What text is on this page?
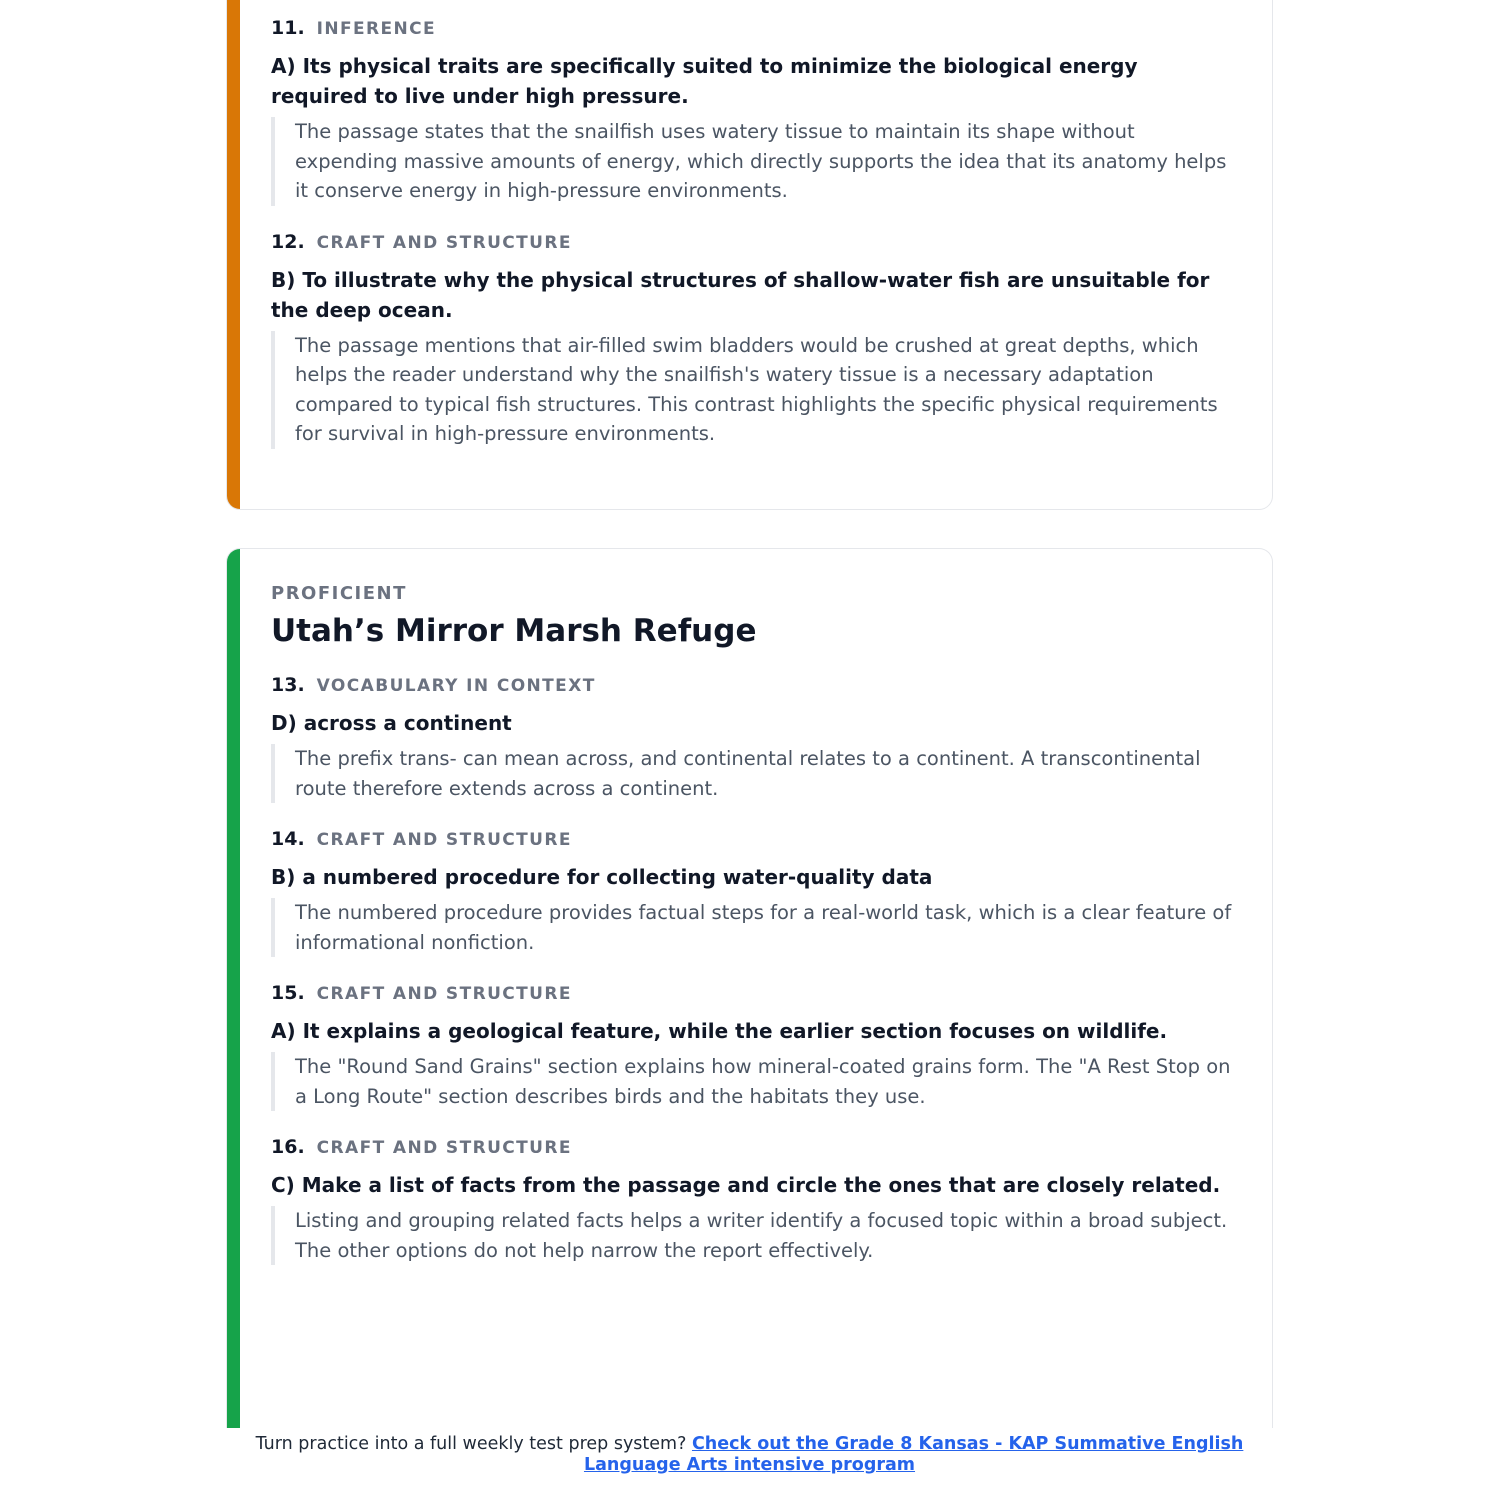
11. INFERENCE

A) Its physical traits are specifically suited to minimize the biological energy required to live under high pressure.

The passage states that the snailfish uses watery tissue to maintain its shape without expending massive amounts of energy, which directly supports the idea that its anatomy helps it conserve energy in high-pressure environments.

12. CRAFT AND STRUCTURE

B) To illustrate why the physical structures of shallow-water fish are unsuitable for the deep ocean.

The passage mentions that air-filled swim bladders would be crushed at great depths, which helps the reader understand why the snailfish's watery tissue is a necessary adaptation compared to typical fish structures. This contrast highlights the specific physical requirements for survival in high-pressure environments.

PROFICIENT

Utah’s Mirror Marsh Refuge
13. VOCABULARY IN CONTEXT

D) across a continent

The prefix trans- can mean across, and continental relates to a continent. A transcontinental route therefore extends across a continent.

14. CRAFT AND STRUCTURE

B) a numbered procedure for collecting water-quality data

The numbered procedure provides factual steps for a real-world task, which is a clear feature of informational nonfiction.

15. CRAFT AND STRUCTURE

A) It explains a geological feature, while the earlier section focuses on wildlife.

The "Round Sand Grains" section explains how mineral-coated grains form. The "A Rest Stop on a Long Route" section describes birds and the habitats they use.

16. CRAFT AND STRUCTURE

C) Make a list of facts from the passage and circle the ones that are closely related.

Listing and grouping related facts helps a writer identify a focused topic within a broad subject. The other options do not help narrow the report effectively.

Turn practice into a full weekly test prep system? Check out the Grade 8 Kansas - KAP Summative English Language Arts intensive program
